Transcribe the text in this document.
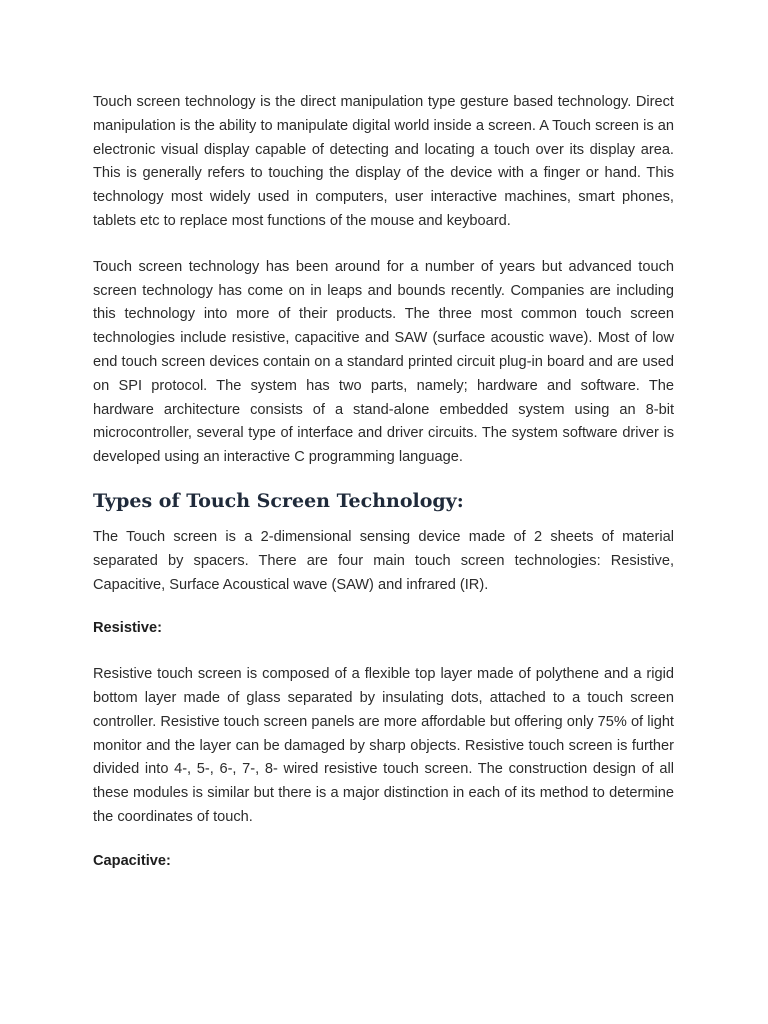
Touch screen technology is the direct manipulation type gesture based technology. Direct manipulation is the ability to manipulate digital world inside a screen. A Touch screen is an electronic visual display capable of detecting and locating a touch over its display area. This is generally refers to touching the display of the device with a finger or hand. This technology most widely used in computers, user interactive machines, smart phones, tablets etc to replace most functions of the mouse and keyboard.

Touch screen technology has been around for a number of years but advanced touch screen technology has come on in leaps and bounds recently. Companies are including this technology into more of their products. The three most common touch screen technologies include resistive, capacitive and SAW (surface acoustic wave). Most of low end touch screen devices contain on a standard printed circuit plug-in board and are used on SPI protocol. The system has two parts, namely; hardware and software. The hardware architecture consists of a stand-alone embedded system using an 8-bit microcontroller, several type of interface and driver circuits. The system software driver is developed using an interactive C programming language.

Types of Touch Screen Technology:

The Touch screen is a 2-dimensional sensing device made of 2 sheets of material separated by spacers. There are four main touch screen technologies: Resistive, Capacitive, Surface Acoustical wave (SAW) and infrared (IR).

Resistive:

Resistive touch screen is composed of a flexible top layer made of polythene and a rigid bottom layer made of glass separated by insulating dots, attached to a touch screen controller. Resistive touch screen panels are more affordable but offering only 75% of light monitor and the layer can be damaged by sharp objects. Resistive touch screen is further divided into 4-, 5-, 6-, 7-, 8- wired resistive touch screen. The construction design of all these modules is similar but there is a major distinction in each of its method to determine the coordinates of touch.

Capacitive:
